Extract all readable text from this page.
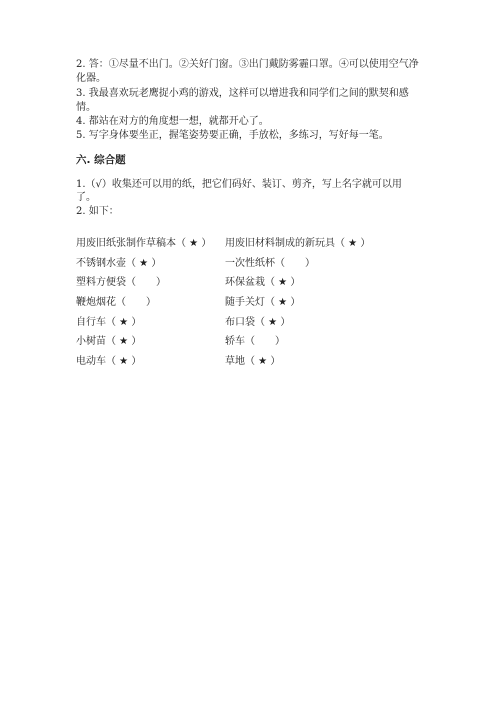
2. 答：①尽量不出门。②关好门窗。③出门戴防雾霾口罩。④可以使用空气净
化器。
3. 我最喜欢玩老鹰捉小鸡的游戏，这样可以增进我和同学们之间的默契和感
情。
4. 都站在对方的角度想一想，就都开心了。
5. 写字身体要坐正，握笔姿势要正确，手放松，多练习，写好每一笔。
六. 综合题
1.（√）收集还可以用的纸，把它们码好、装订、剪齐，写上名字就可以用
了。
2. 如下：
用废旧纸张制作草稿本（ ★ ） 用废旧材料制成的新玩具（ ★ ）
不锈钢水壶（ ★ ）	一次性纸杯（　　）
塑料方便袋（　　）	环保盆栽（ ★ ）
鞭炮烟花（　　）	随手关灯（ ★ ）
自行车（ ★ ）	布口袋（ ★ ）
小树苗（ ★ ）	轿车（　　）
电动车（ ★ ）	草地（ ★ ）
